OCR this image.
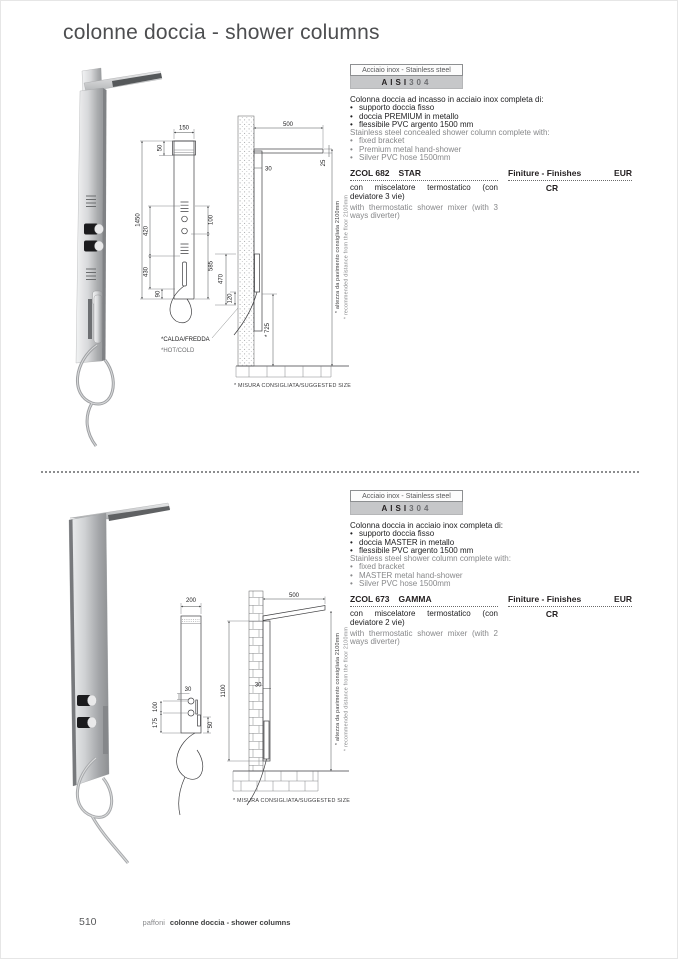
colonne doccia - shower columns
150
1450
50
420
430
90
100
585
500
25
30
470
120
* 725
*CALDA/FREDDA
*HOT/COLD
* altezza da pavimento consigliata 2100mm * recommended distance from the floor 2100mm
* MISURA CONSIGLIATA/SUGGESTED SIZE
Acciaio inox - Stainless steel
AISI304
Colonna doccia ad incasso in acciaio inox completa di:
•
supporto doccia fisso
•
doccia PREMIUM in metallo
•
flessibile PVC argento 1500 mm
Stainless steel concealed shower column complete with:
•
fixed bracket
•
Premium metal hand-shower
•
Silver PVC hose 1500mm
ZCOL 682 STAR
con miscelatore termostatico (con deviatore 3 vie)
with thermostatic shower mixer (with 3 ways diverter)
Finiture - Finishes	EUR
CR
200
30
100
175	50
500
1100	30	* altezza da pavimento consigliata 2100mm * recommended distance from the floor 2100mm
* MISURA CONSIGLIATA/SUGGESTED SIZE
Acciaio inox - Stainless steel
AISI304
Colonna doccia in acciaio inox completa di:
•
supporto doccia fisso
•
doccia MASTER in metallo
•
flessibile PVC argento 1500 mm
Stainless steel shower column complete with:
•
fixed bracket
•
MASTER metal hand-shower
•
Silver PVC hose 1500mm
ZCOL 673 GAMMA
con miscelatore termostatico (con deviatore 2 vie)
with thermostatic shower mixer (with 2 ways diverter)
Finiture - Finishes	EUR
CR
510	paffoni colonne doccia - shower columns
